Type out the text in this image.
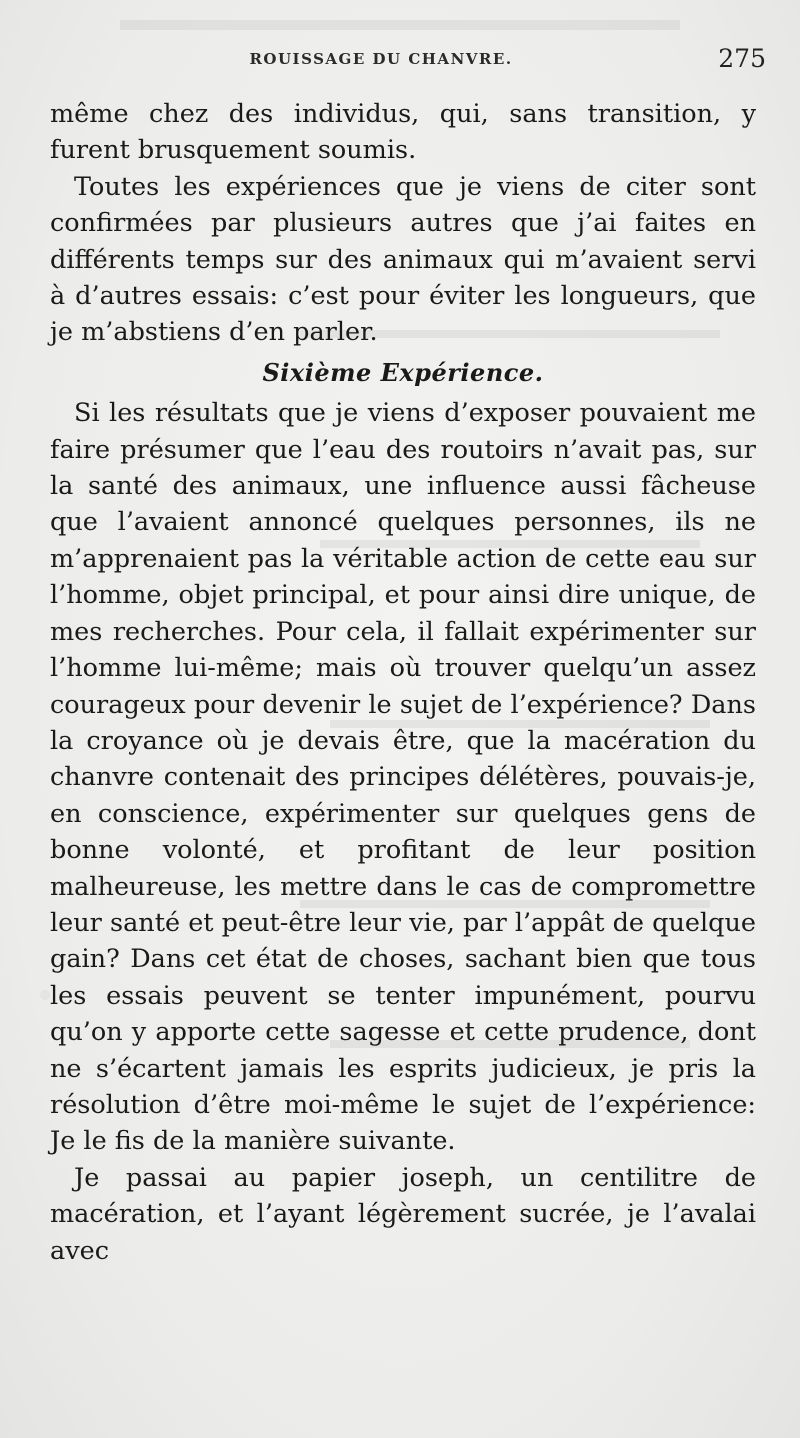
ROUISSAGE DU CHANVRE.	275

même chez des individus, qui, sans transition, y furent brusquement soumis.

Toutes les expériences que je viens de citer sont confirmées par plusieurs autres que j’ai faites en différents temps sur des animaux qui m’avaient servi à d’autres essais: c’est pour éviter les longueurs, que je m’abstiens d’en parler.

Sixième Expérience.

Si les résultats que je viens d’exposer pouvaient me faire présumer que l’eau des routoirs n’avait pas, sur la santé des animaux, une influence aussi fâcheuse que l’avaient annoncé quelques personnes, ils ne m’apprenaient pas la véritable action de cette eau sur l’homme, objet principal, et pour ainsi dire unique, de mes recherches. Pour cela, il fallait expérimenter sur l’homme lui-même; mais où trouver quelqu’un assez courageux pour devenir le sujet de l’expérience? Dans la croyance où je devais être, que la macération du chanvre contenait des principes délétères, pouvais-je, en conscience, expérimenter sur quelques gens de bonne volonté, et profitant de leur position malheureuse, les mettre dans le cas de compromettre leur santé et peut-être leur vie, par l’appât de quelque gain? Dans cet état de choses, sachant bien que tous les essais peuvent se tenter impunément, pourvu qu’on y apporte cette sagesse et cette prudence, dont ne s’écartent jamais les esprits judicieux, je pris la résolution d’être moi-même le sujet de l’expérience: Je le fis de la manière suivante.

Je passai au papier joseph, un centilitre de macération, et l’ayant légèrement sucrée, je l’avalai avec
